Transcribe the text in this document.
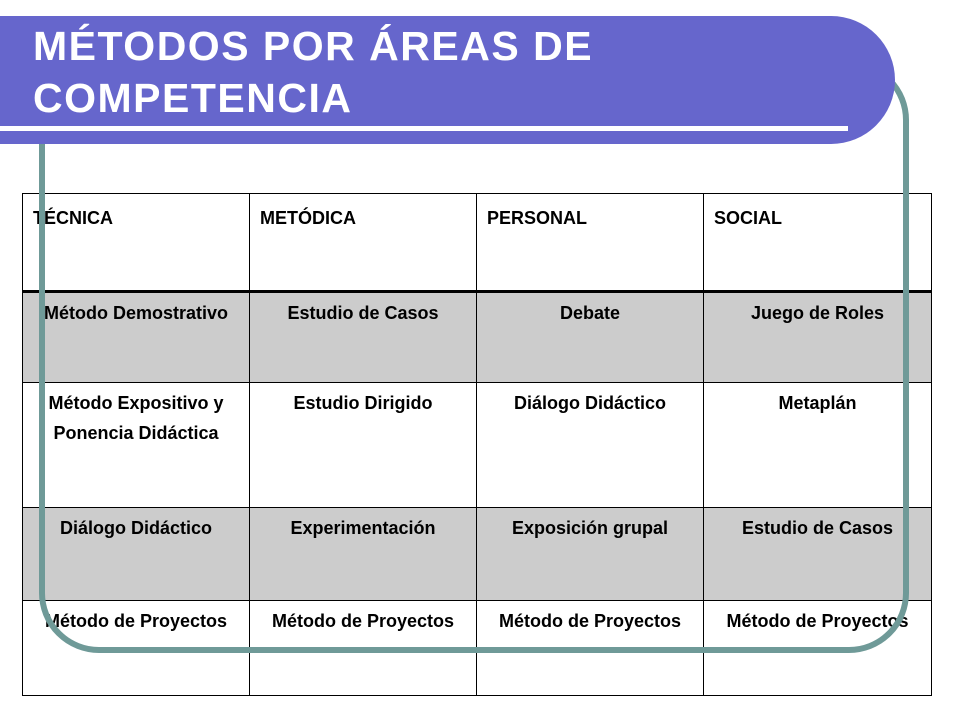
MÉTODOS POR ÁREAS DE
COMPETENCIA
TÉCNICA	METÓDICA	PERSONAL	SOCIAL
Método Demostrativo	Estudio de Casos	Debate	Juego de Roles
Método Expositivo y Ponencia Didáctica	Estudio Dirigido	Diálogo Didáctico	Metaplán
Diálogo Didáctico	Experimentación	Exposición grupal	Estudio de Casos
Método de Proyectos	Método de Proyectos	Método de Proyectos	Método de Proyectos
